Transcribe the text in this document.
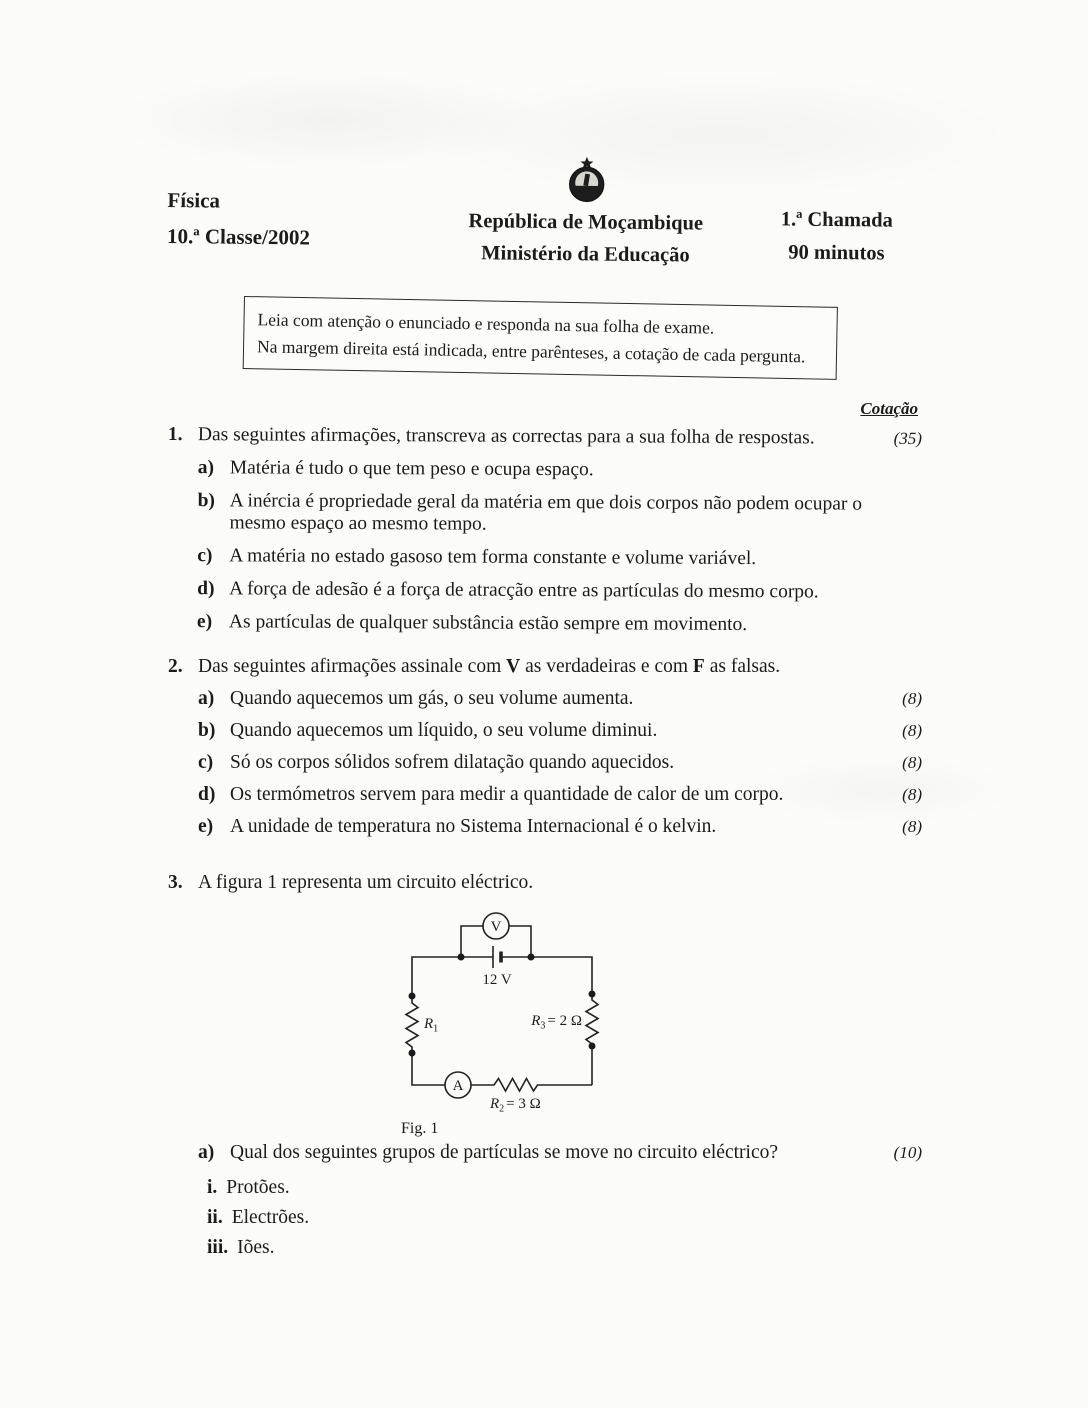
Física
10.ª Classe/2002
República de Moçambique
Ministério da Educação
1.ª Chamada
90 minutos
Leia com atenção o enunciado e responda na sua folha de exame.
Na margem direita está indicada, entre parênteses, a cotação de cada pergunta.
Cotação
1. Das seguintes afirmações, transcreva as correctas para a sua folha de respostas.	(35)
a) Matéria é tudo o que tem peso e ocupa espaço.
b) A inércia é propriedade geral da matéria em que dois corpos não podem ocupar o mesmo espaço ao mesmo tempo.
c) A matéria no estado gasoso tem forma constante e volume variável.
d) A força de adesão é a força de atracção entre as partículas do mesmo corpo.
e) As partículas de qualquer substância estão sempre em movimento.
2. Das seguintes afirmações assinale com V as verdadeiras e com F as falsas.
a) Quando aquecemos um gás, o seu volume aumenta.	(8)
b) Quando aquecemos um líquido, o seu volume diminui.	(8)
c) Só os corpos sólidos sofrem dilatação quando aquecidos.	(8)
d) Os termómetros servem para medir a quantidade de calor de um corpo.	(8)
e) A unidade de temperatura no Sistema Internacional é o kelvin.	(8)
3. A figura 1 representa um circuito eléctrico.
V
A
12 V
$R_1$	$R_3 = 2$ Ω
$R_2 = 3$ Ω
Fig. 1
a) Qual dos seguintes grupos de partículas se move no circuito eléctrico?	(10)
i. Protões.
ii. Electrões.
iii. Iões.
